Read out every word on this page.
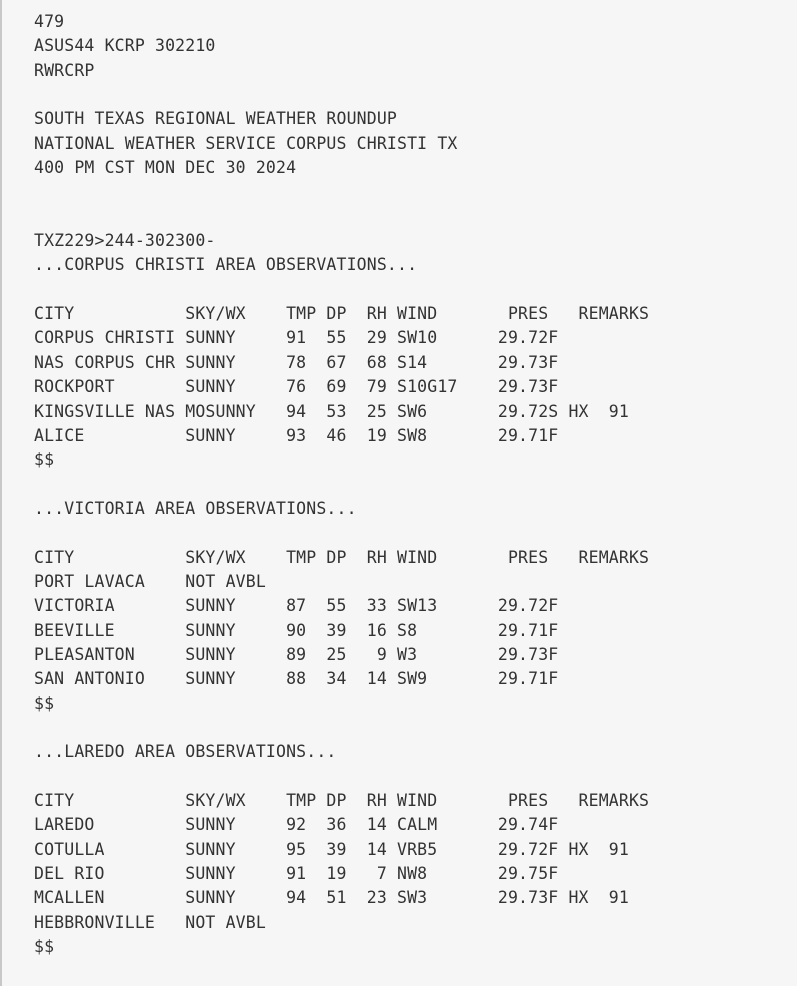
479
ASUS44 KCRP 302210
RWRCRP
SOUTH TEXAS REGIONAL WEATHER ROUNDUP
NATIONAL WEATHER SERVICE CORPUS CHRISTI TX
400 PM CST MON DEC 30 2024
TXZ229>244-302300-
...CORPUS CHRISTI AREA OBSERVATIONS...
CITY           SKY/WX    TMP DP  RH WIND       PRES   REMARKS
CORPUS CHRISTI SUNNY     91  55  29 SW10      29.72F
NAS CORPUS CHR SUNNY     78  67  68 S14       29.73F
ROCKPORT       SUNNY     76  69  79 S10G17    29.73F
KINGSVILLE NAS MOSUNNY   94  53  25 SW6       29.72S HX  91
ALICE          SUNNY     93  46  19 SW8       29.71F
$$
...VICTORIA AREA OBSERVATIONS...
CITY           SKY/WX    TMP DP  RH WIND       PRES   REMARKS
PORT LAVACA    NOT AVBL
VICTORIA       SUNNY     87  55  33 SW13      29.72F
BEEVILLE       SUNNY     90  39  16 S8        29.71F
PLEASANTON     SUNNY     89  25   9 W3        29.73F
SAN ANTONIO    SUNNY     88  34  14 SW9       29.71F
$$
...LAREDO AREA OBSERVATIONS...
CITY           SKY/WX    TMP DP  RH WIND       PRES   REMARKS
LAREDO         SUNNY     92  36  14 CALM      29.74F
COTULLA        SUNNY     95  39  14 VRB5      29.72F HX  91
DEL RIO        SUNNY     91  19   7 NW8       29.75F
MCALLEN        SUNNY     94  51  23 SW3       29.73F HX  91
HEBBRONVILLE   NOT AVBL
$$
